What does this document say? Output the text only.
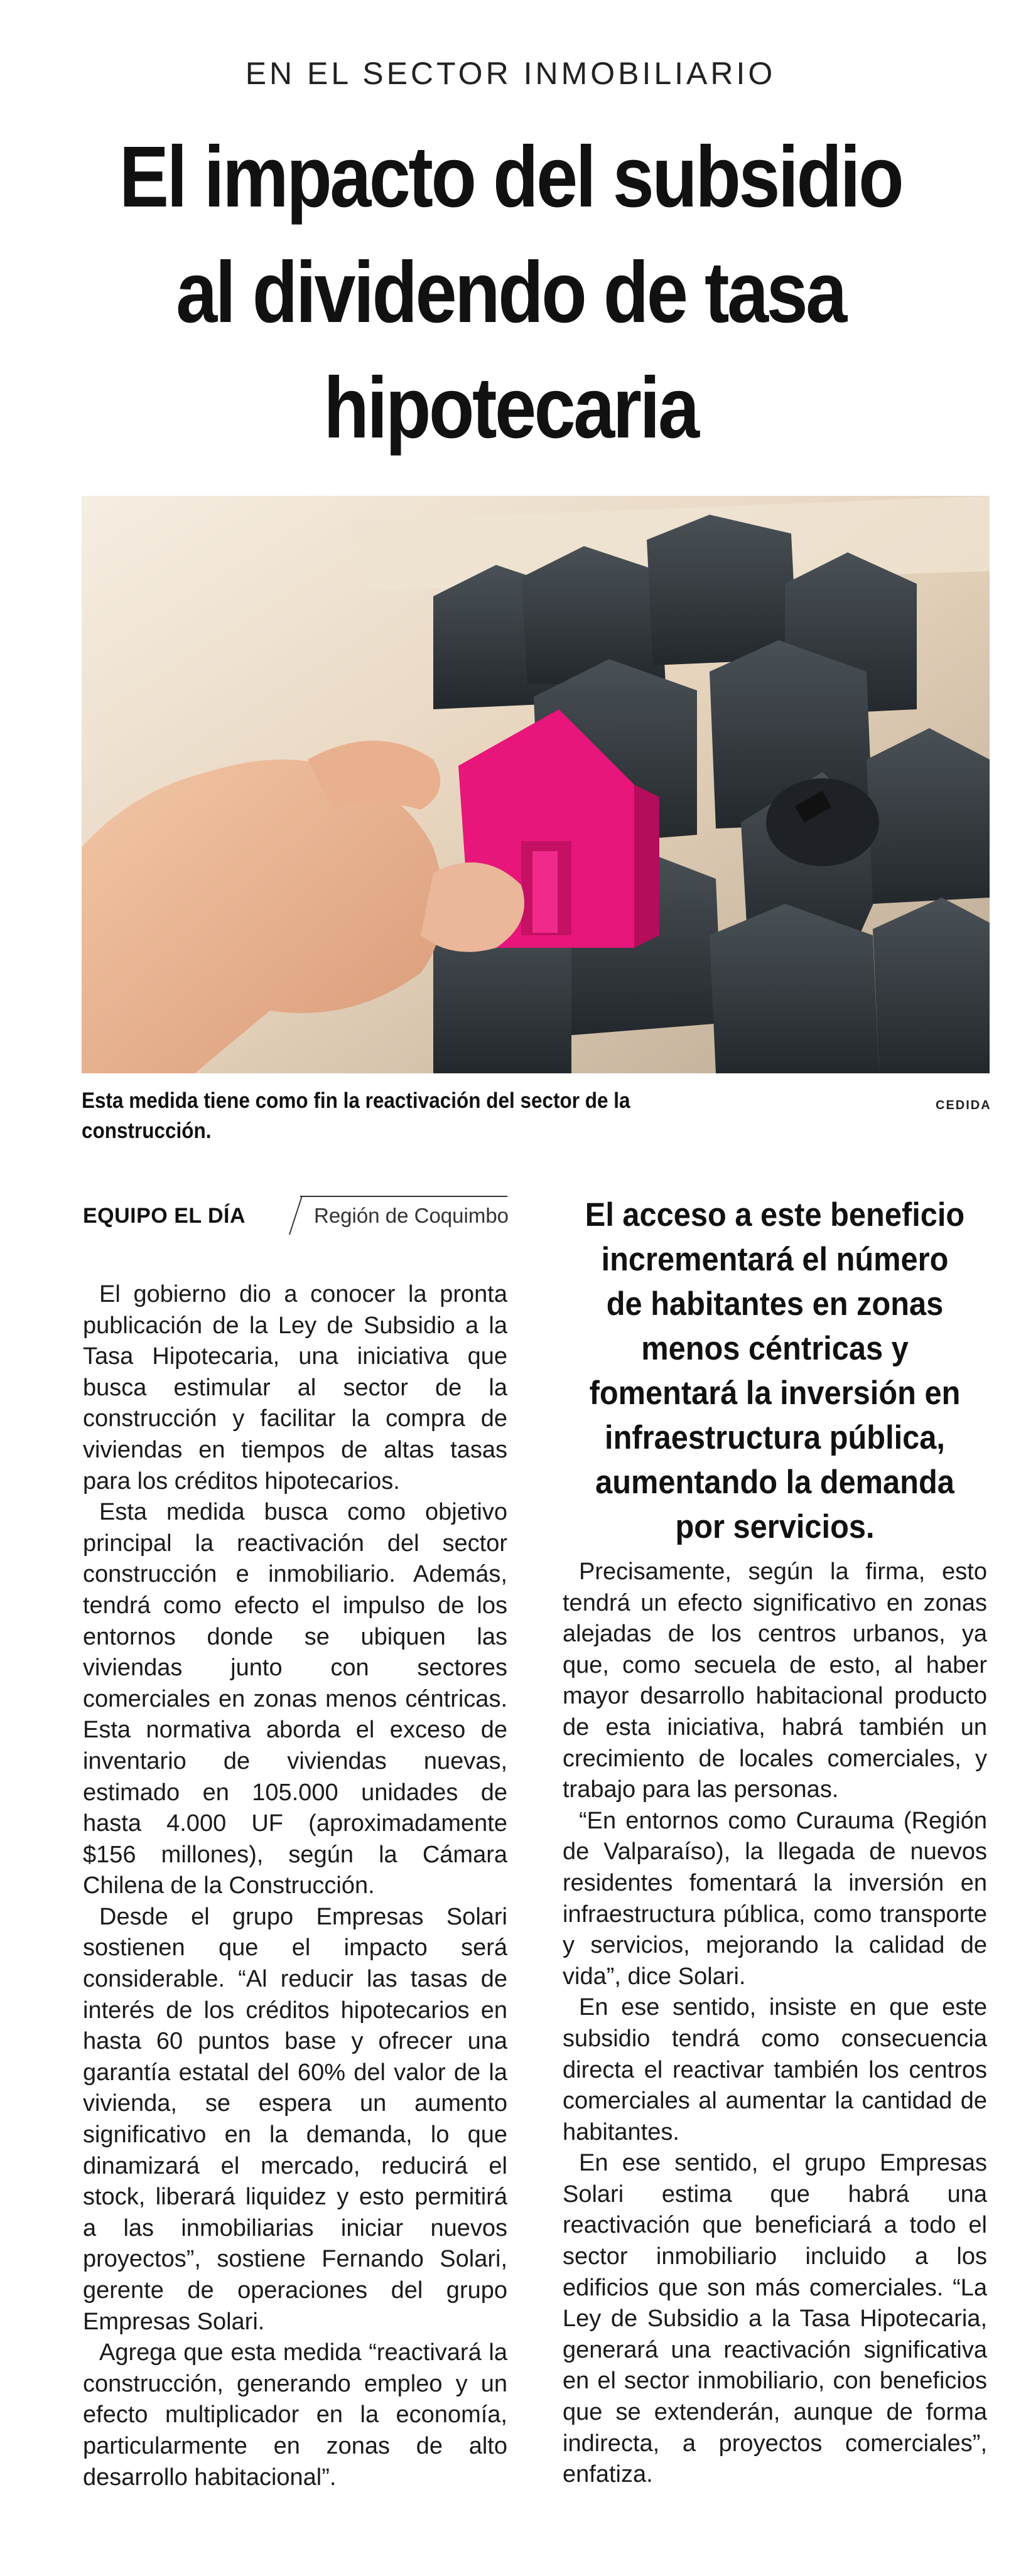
EN EL SECTOR INMOBILIARIO
El impacto del subsidio al dividendo de tasa hipotecaria
Esta medida tiene como fin la reactivación del sector de la construcción.
CEDIDA
EQUIPO EL DÍA	Región de Coquimbo

El gobierno dio a conocer la pronta publicación de la Ley de Subsidio a la Tasa Hipotecaria, una iniciativa que busca estimular al sector de la construcción y facilitar la compra de viviendas en tiempos de altas tasas para los créditos hipotecarios.

Esta medida busca como objetivo principal la reactivación del sector construcción e inmobiliario. Además, tendrá como efecto el impulso de los entornos donde se ubiquen las viviendas junto con sectores comerciales en zonas menos céntricas. Esta normativa aborda el exceso de inventario de viviendas nuevas, estimado en 105.000 unidades de hasta 4.000 UF (aproximadamente $156 millones), según la Cámara Chilena de la Construcción.

Desde el grupo Empresas Solari sostienen que el impacto será considerable. “Al reducir las tasas de interés de los créditos hipotecarios en hasta 60 puntos base y ofrecer una garantía estatal del 60% del valor de la vivienda, se espera un aumento significativo en la demanda, lo que dinamizará el mercado, reducirá el stock, liberará liquidez y esto permitirá a las inmobiliarias iniciar nuevos proyectos”, sostiene Fernando Solari, gerente de operaciones del grupo Empresas Solari.

Agrega que esta medida “reactivará la construcción, generando empleo y un efecto multiplicador en la economía, particularmente en zonas de alto desarrollo habitacional”.

El acceso a este beneficio incrementará el número de habitantes en zonas menos céntricas y fomentará la inversión en infraestructura pública, aumentando la demanda por servicios.

Precisamente, según la firma, esto tendrá un efecto significativo en zonas alejadas de los centros urbanos, ya que, como secuela de esto, al haber mayor desarrollo habitacional producto de esta iniciativa, habrá también un crecimiento de locales comerciales, y trabajo para las personas.

“En entornos como Curauma (Región de Valparaíso), la llegada de nuevos residentes fomentará la inversión en infraestructura pública, como transporte y servicios, mejorando la calidad de vida”, dice Solari.

En ese sentido, insiste en que este subsidio tendrá como consecuencia directa el reactivar también los centros comerciales al aumentar la cantidad de habitantes.

En ese sentido, el grupo Empresas Solari estima que habrá una reactivación que beneficiará a todo el sector inmobiliario incluido a los edificios que son más comerciales. “La Ley de Subsidio a la Tasa Hipotecaria, generará una reactivación significativa en el sector inmobiliario, con beneficios que se extenderán, aunque de forma indirecta, a proyectos comerciales”, enfatiza.
